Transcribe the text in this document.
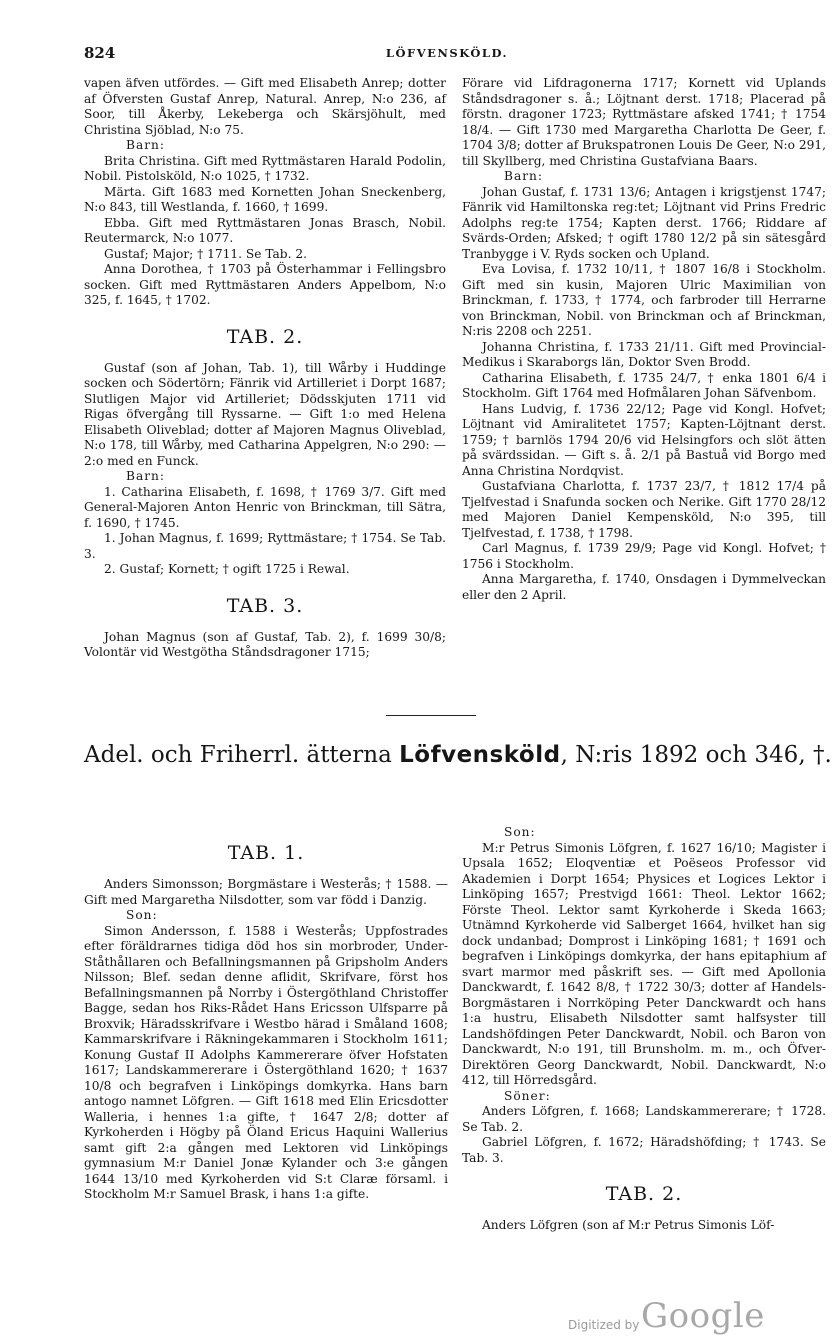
824	LÖFVENSKÖLD.

vapen äfven utfördes. — Gift med Elisabeth Anrep; dotter af Öfversten Gustaf Anrep, Natural. Anrep, N:o 236, af Soor, till Åkerby, Lekeberga och Skärsjöhult, med Christina Sjöblad, N:o 75.

Barn:

Brita Christina. Gift med Ryttmästaren Harald Podolin, Nobil. Pistolsköld, N:o 1025, † 1732.

Märta. Gift 1683 med Kornetten Johan Sneckenberg, N:o 843, till Westlanda, f. 1660, † 1699.

Ebba. Gift med Ryttmästaren Jonas Brasch, Nobil. Reutermarck, N:o 1077.

Gustaf; Major; † 1711. Se Tab. 2.

Anna Dorothea, † 1703 på Österhammar i Fellingsbro socken. Gift med Ryttmästaren Anders Appelbom, N:o 325, f. 1645, † 1702.

TAB. 2.

Gustaf (son af Johan, Tab. 1), till Wårby i Huddinge socken och Södertörn; Fänrik vid Artilleriet i Dorpt 1687; Slutligen Major vid Artilleriet; Dödsskjuten 1711 vid Rigas öfvergång till Ryssarne. — Gift 1:o med Helena Elisabeth Oliveblad; dotter af Majoren Magnus Oliveblad, N:o 178, till Wårby, med Catharina Appelgren, N:o 290: — 2:o med en Funck.

Barn:

1. Catharina Elisabeth, f. 1698, † 1769 3/7. Gift med General-Majoren Anton Henric von Brinckman, till Sätra, f. 1690, † 1745.

1. Johan Magnus, f. 1699; Ryttmästare; † 1754. Se Tab. 3.

2. Gustaf; Kornett; † ogift 1725 i Rewal.

TAB. 3.

Johan Magnus (son af Gustaf, Tab. 2), f. 1699 30/8; Volontär vid Westgötha Ståndsdragoner 1715;

Förare vid Lifdragonerna 1717; Kornett vid Uplands Ståndsdragoner s. å.; Löjtnant derst. 1718; Placerad på förstn. dragoner 1723; Ryttmästare afsked 1741; † 1754 18/4. — Gift 1730 med Margaretha Charlotta De Geer, f. 1704 3/8; dotter af Brukspatronen Louis De Geer, N:o 291, till Skyllberg, med Christina Gustafviana Baars.

Barn:

Johan Gustaf, f. 1731 13/6; Antagen i krigstjenst 1747; Fänrik vid Hamiltonska reg:tet; Löjtnant vid Prins Fredric Adolphs reg:te 1754; Kapten derst. 1766; Riddare af Svärds-Orden; Afsked; † ogift 1780 12/2 på sin sätesgård Tranbygge i V. Ryds socken och Upland.

Eva Lovisa, f. 1732 10/11, † 1807 16/8 i Stockholm. Gift med sin kusin, Majoren Ulric Maximilian von Brinckman, f. 1733, † 1774, och farbroder till Herrarne von Brinckman, Nobil. von Brinckman och af Brinckman, N:ris 2208 och 2251.

Johanna Christina, f. 1733 21/11. Gift med Provincial-Medikus i Skaraborgs län, Doktor Sven Brodd.

Catharina Elisabeth, f. 1735 24/7, † enka 1801 6/4 i Stockholm. Gift 1764 med Hofmålaren Johan Säfvenbom.

Hans Ludvig, f. 1736 22/12; Page vid Kongl. Hofvet; Löjtnant vid Amiralitetet 1757; Kapten-Löjtnant derst. 1759; † barnlös 1794 20/6 vid Helsingfors och slöt ätten på svärdssidan. — Gift s. å. 2/1 på Bastuå vid Borgo med Anna Christina Nordqvist.

Gustafviana Charlotta, f. 1737 23/7, † 1812 17/4 på Tjelfvestad i Snafunda socken och Nerike. Gift 1770 28/12 med Majoren Daniel Kempensköld, N:o 395, till Tjelfvestad, f. 1738, † 1798.

Carl Magnus, f. 1739 29/9; Page vid Kongl. Hofvet; † 1756 i Stockholm.

Anna Margaretha, f. 1740, Onsdagen i Dymmelveckan eller den 2 April.

Adel. och Friherrl. ätterna Löfvensköld, N:ris 1892 och 346, †.

TAB. 1.

Anders Simonsson; Borgmästare i Westerås; † 1588. — Gift med Margaretha Nilsdotter, som var född i Danzig.

Son:

Simon Andersson, f. 1588 i Westerås; Uppfostrades efter föräldrarnes tidiga död hos sin morbroder, Under-Ståthållaren och Befallningsmannen på Gripsholm Anders Nilsson; Blef. sedan denne aflidit, Skrifvare, först hos Befallningsmannen på Norrby i Östergöthland Christoffer Bagge, sedan hos Riks-Rådet Hans Ericsson Ulfsparre på Broxvik; Häradsskrifvare i Westbo härad i Småland 1608; Kammarskrifvare i Räkningekammaren i Stockholm 1611; Konung Gustaf II Adolphs Kammererare öfver Hofstaten 1617; Landskammererare i Östergöthland 1620; † 1637 10/8 och begrafven i Linköpings domkyrka. Hans barn antogo namnet Löfgren. — Gift 1618 med Elin Ericsdotter Walleria, i hennes 1:a gifte, † 1647 2/8; dotter af Kyrkoherden i Högby på Öland Ericus Haquini Wallerius samt gift 2:a gången med Lektoren vid Linköpings gymnasium M:r Daniel Jonæ Kylander och 3:e gången 1644 13/10 med Kyrkoherden vid S:t Claræ församl. i Stockholm M:r Samuel Brask, i hans 1:a gifte.

Son:

M:r Petrus Simonis Löfgren, f. 1627 16/10; Magister i Upsala 1652; Eloqventiæ et Poëseos Professor vid Akademien i Dorpt 1654; Physices et Logices Lektor i Linköping 1657; Prestvigd 1661: Theol. Lektor 1662; Förste Theol. Lektor samt Kyrkoherde i Skeda 1663; Utnämnd Kyrkoherde vid Salberget 1664, hvilket han sig dock undanbad; Domprost i Linköping 1681; † 1691 och begrafven i Linköpings domkyrka, der hans epitaphium af svart marmor med påskrift ses. — Gift med Apollonia Danckwardt, f. 1642 8/8, † 1722 30/3; dotter af Handels-Borgmästaren i Norrköping Peter Danckwardt och hans 1:a hustru, Elisabeth Nilsdotter samt halfsyster till Landshöfdingen Peter Danckwardt, Nobil. och Baron von Danckwardt, N:o 191, till Brunsholm. m. m., och Öfver-Direktören Georg Danckwardt, Nobil. Danckwardt, N:o 412, till Hörredsgård.

Söner:

Anders Löfgren, f. 1668; Landskammererare; † 1728. Se Tab. 2.

Gabriel Löfgren, f. 1672; Häradshöfding; † 1743. Se Tab. 3.

TAB. 2.

Anders Löfgren (son af M:r Petrus Simonis Löf-

Digitized by Google
